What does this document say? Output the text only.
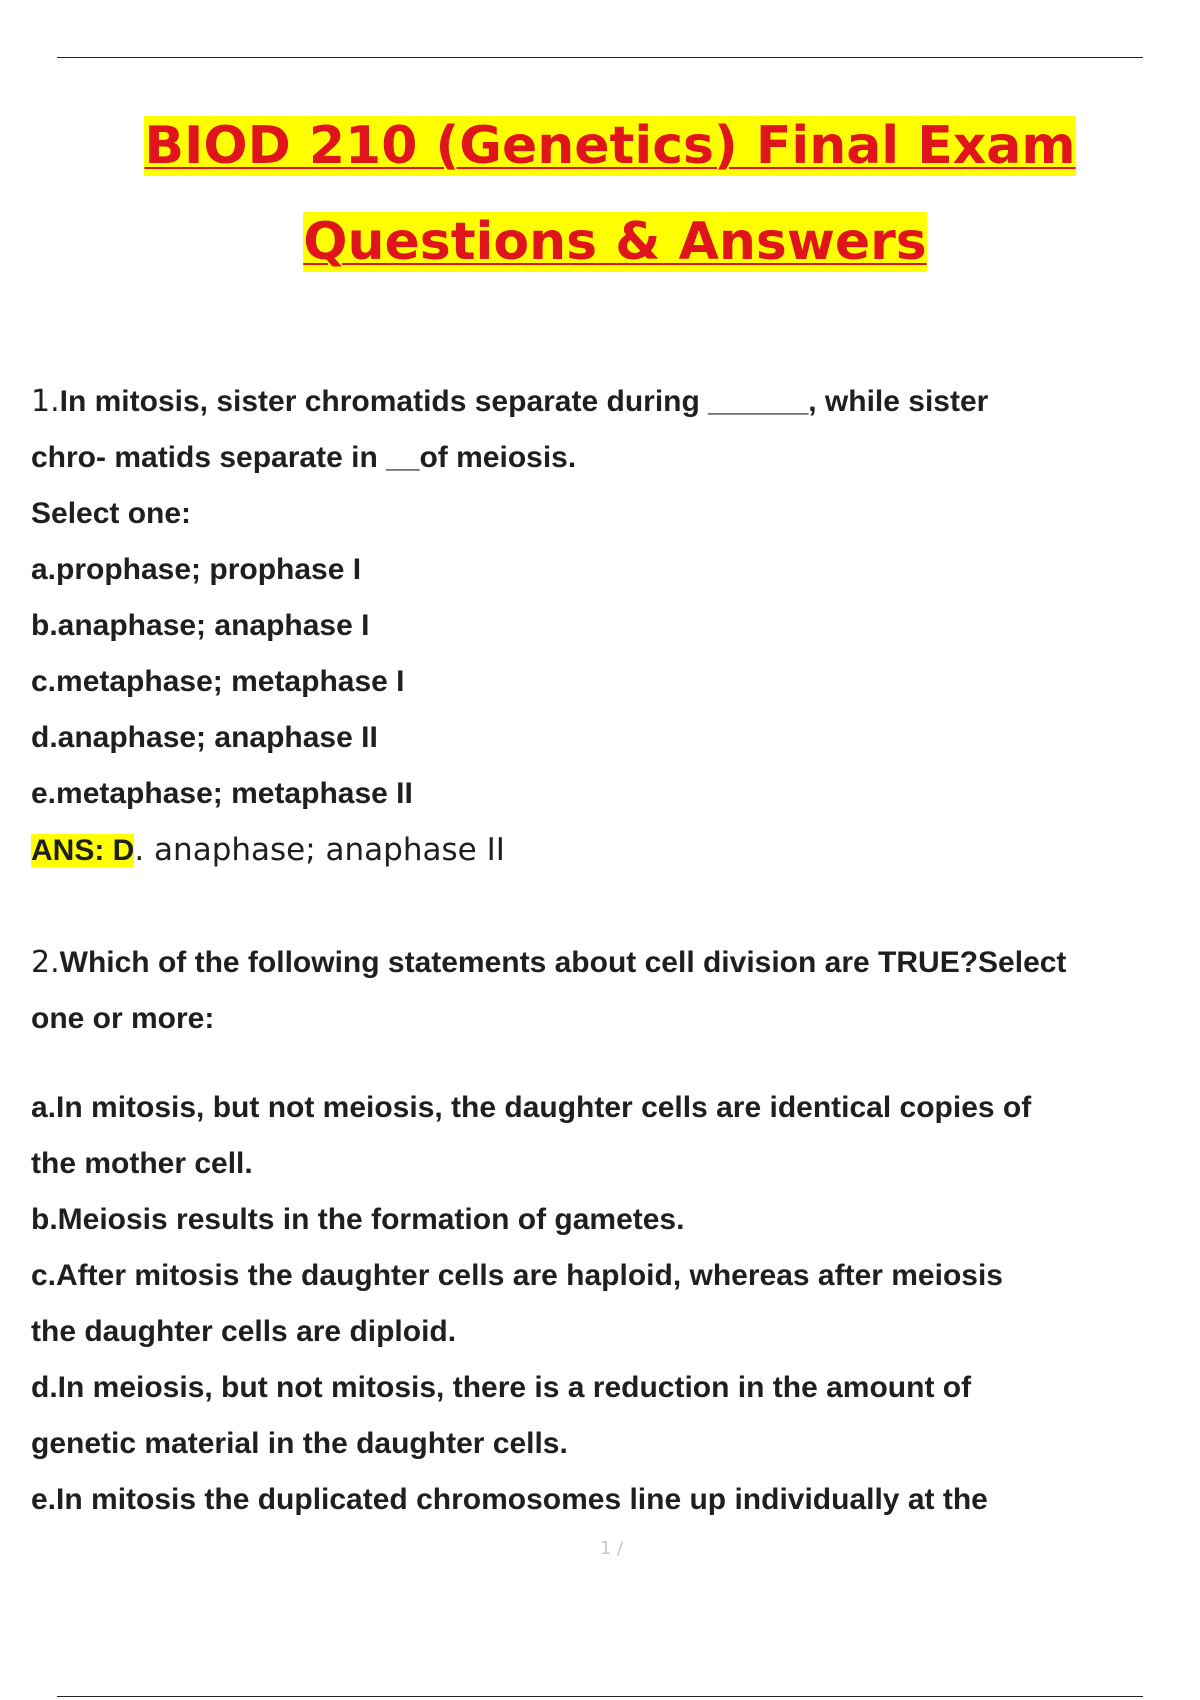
BIOD 210 (Genetics) Final Exam
Questions & Answers
1.In mitosis, sister chromatids separate during ______, while sister
chro- matids separate in __of meiosis.
Select one:
a.prophase; prophase I
b.anaphase; anaphase I
c.metaphase; metaphase I
d.anaphase; anaphase II
e.metaphase; metaphase II
ANS: D. anaphase; anaphase II
2.Which of the following statements about cell division are TRUE?Select
one or more:
a.In mitosis, but not meiosis, the daughter cells are identical copies of
the mother cell.
b.Meiosis results in the formation of gametes.
c.After mitosis the daughter cells are haploid, whereas after meiosis
the daughter cells are diploid.
d.In meiosis, but not mitosis, there is a reduction in the amount of
genetic material in the daughter cells.
e.In mitosis the duplicated chromosomes line up individually at the
1 /
